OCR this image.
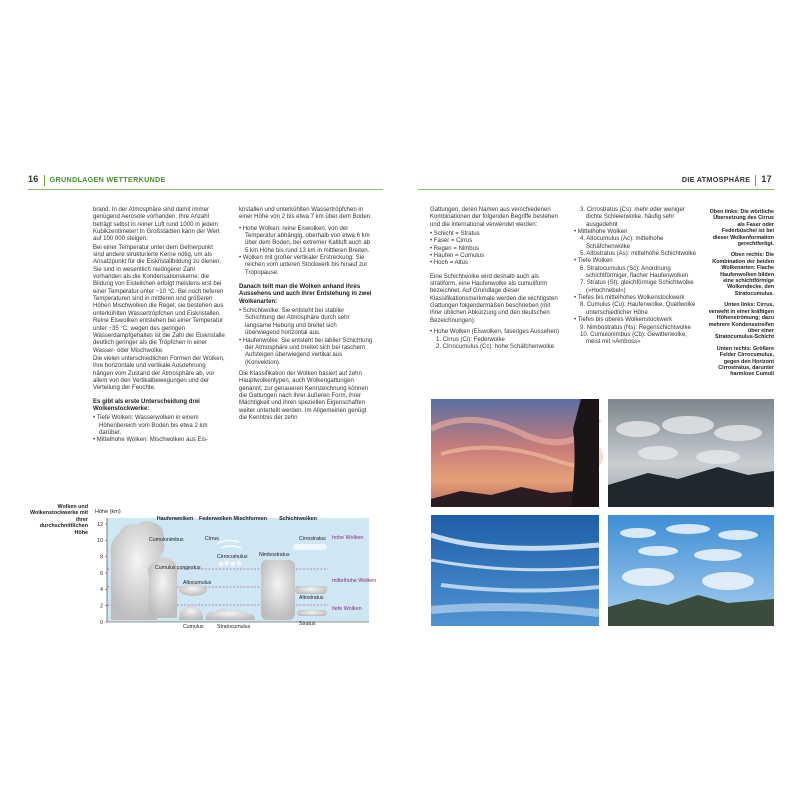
16 GRUNDLAGEN WETTERKUNDE	DIE ATMOSPHÄRE 17

brand. In der Atmosphäre sind damit immer genügend Aerosole vorhanden. Ihre Anzahl beträgt selbst in reiner Luft rund 1000 in jedem Kubikzentimeter! In Großstädten kann der Wert auf 100 000 steigen.

Bei einer Temperatur unter dem Gefrierpunkt sind andere strukturierte Kerne nötig, um als Ansatzpunkt für die Eiskristallbildung zu dienen. Sie sind in wesentlich niedrigerer Zahl vorhanden als die Kondensationskerne; die Bildung von Eisteilchen erfolgt meistens erst bei einer Temperatur unter −10 °C. Bei noch tieferen Temperaturen sind in mittleren und größeren Höhen Mischwolken die Regel; sie bestehen aus unterkühlten Wassertröpfchen und Eiskristallen. Reine Eiswolken entstehen bei einer Temperatur unter −35 °C; wegen des geringen Wasserdampfgehaltes ist die Zahl der Eiskristalle deutlich geringer als die Tröpfchen in einer Wasser- oder Mischwolke.

Die vielen unterschiedlichen Formen der Wolken, ihre horizontale und vertikale Ausdehnung hängen vom Zustand der Atmosphäre ab, vor allem von den Vertikalbewegungen und der Verteilung der Feuchte.

Es gibt als erste Unterscheidung drei Wolkenstockwerke:
• Tiefe Wolken: Wasserwolken in einem Höhenbereich vom Boden bis etwa 2 km darüber.
• Mittelhohe Wolken: Mischwolken aus Eis-

kristallen und unterkühlten Wassertröpfchen in einer Höhe von 2 bis etwa 7 km über dem Boden.

• Hohe Wolken: reine Eiswolken, von der Temperatur abhängig, oberhalb von etwa 6 km über dem Boden, bei extremer Kaltluft auch ab 5 km Höhe bis rund 13 km in mittleren Breiten.
• Wolken mit großer vertikaler Erstreckung: Sie reichen vom unteren Stockwerk bis hinauf zur Tropopause.
Danach teilt man die Wolken anhand ihres Aussehens und auch ihrer Entstehung in zwei Wolkenarten:
• Schichtwolke: Sie entsteht bei stabiler Schichtung der Atmosphäre durch sehr langsame Hebung und breitet sich überwiegend horizontal aus.
• Haufenwolke: Sie entsteht bei labiler Schichtung der Atmosphäre und breitet sich bei raschem Aufsteigen überwiegend vertikal aus (Konvektion).

Die Klassifikation der Wolken basiert auf zehn Hauptwolkentypen, auch Wolkengattungen genannt; zur genaueren Kennzeichnung können die Gattungen nach ihrer äußeren Form, ihrer Mächtigkeit und ihren speziellen Eigenschaften weiter unterteilt werden. Im Allgemeinen genügt die Kenntnis der zehn

Wolken und Wolkenstockwerke mit ihrer durchschnittlichen Höhe
Höhe (km)
12
10
8
6
4
2
0
Haufenwolken Federwolken Mischformen Schichtwolken
Cumulonimbus
Cumulus congestus
Cumulus
Altocumulus
Cirrus
Cirrocumulus
Stratocumulus
Nimbostratus
Cirrostratus
Altostratus
Stratus
hohe Wolken
mittelhohe Wolken
tiefe Wolken

Gattungen, deren Namen aus verschiedenen Kombinationen der folgenden Begriffe bestehen und die international verwendet werden:

• Schicht = Stratus
• Faser = Cirrus
• Regen = Nimbus
• Haufen = Cumulus
• Hoch = Altus

Eine Schichtwolke wird deshalb auch als stratiform, eine Haufenwolke als cumuliform bezeichnet. Auf Grundlage dieser Klassifikationsmerkmale werden die wichtigsten Gattungen folgendermaßen beschrieben (mit ihrer üblichen Abkürzung und den deutschen Bezeichnungen):

• Hohe Wolken (Eiswolken, faseriges Aussehen)
1. Cirrus (Ci): Federwolke
2. Cirrocumulus (Cc): hohe Schäfchenwolke
3. Cirrostratus (Cs): mehr oder weniger dichte Schleierwolke, häufig sehr ausgedehnt
• Mittelhohe Wolken
4. Altocumulus (Ac): mittelhohe Schäfchenwolke
5. Altostratus (As): mittelhohe Schichtwolke
• Tiefe Wolken
6. Stratocumulus (Sc): Anordnung schichtförmiger, flacher Haufenwolken
7. Stratus (St): gleichförmige Schichtwolke (»Hochnebel«)
• Tiefes bis mittelhohes Wolkenstockwerk
8. Cumulus (Cu): Haufenwolke, Quellwolke unterschiedlicher Höhe
• Tiefes bis oberes Wolkenstockwerk
9. Nimbostratus (Ns): Regenschichtwolke
10. Cumulonimbus (Cb): Gewitterwolke, meist mit »Amboss«

Oben links: Die wörtliche Übersetzung des Cirrus als Faser oder Federbüschel ist bei dieser Wolkenformation gerechtfertigt.

Oben rechts: Die Kombination der beiden Wolkenarten: Flache Haufenwolken bilden eine schichtförmige Wolkendecke, den Stratocumulus.

Unten links: Cirrus, verweht in einer kräftigen Höhenströmung; dazu mehrere Kondensstreifen über einer Stratocumulus-Schicht

Unten rechts: Größere Felder Cirrocumulus, gegen den Horizont Cirrostratus, darunter harmlose Cumuli
